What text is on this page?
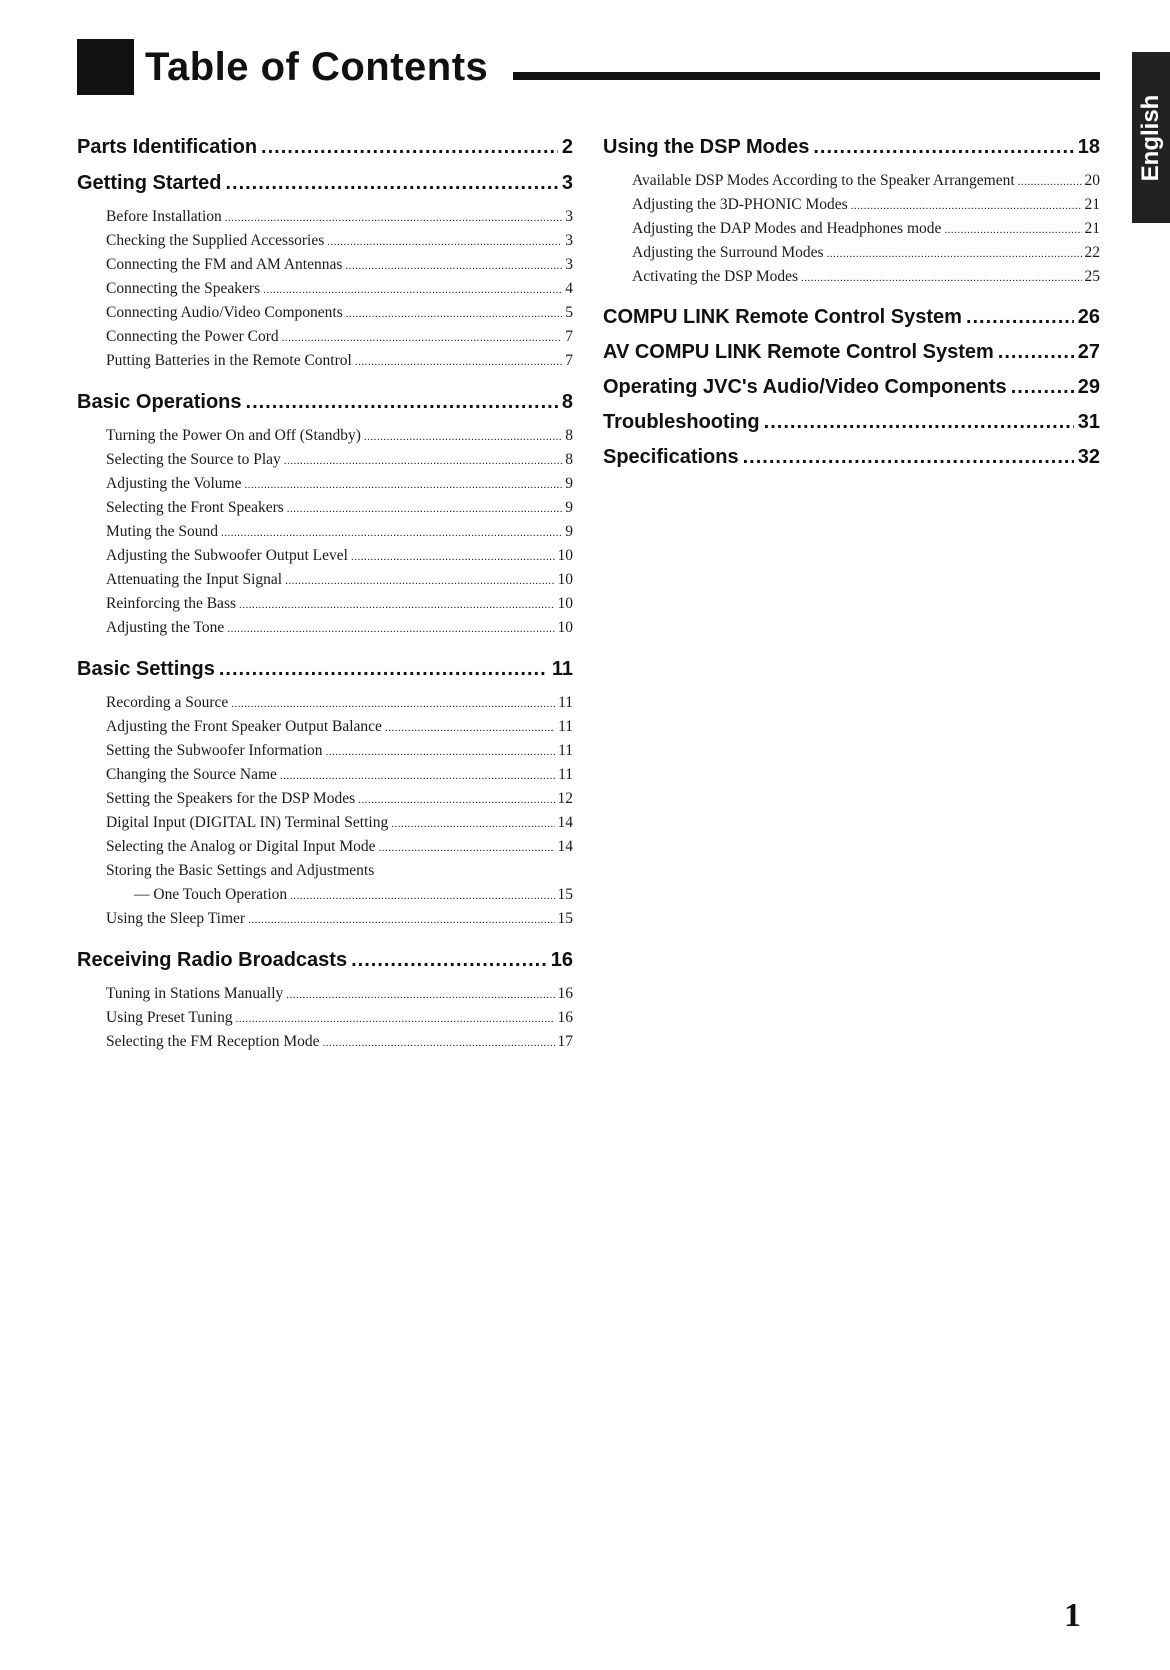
Table of Contents
English
Parts Identification .....	2
Getting Started .....	3
Before Installation .....	3
Checking the Supplied Accessories .....	3
Connecting the FM and AM Antennas .....	3
Connecting the Speakers .....	4
Connecting Audio/Video Components .....	5
Connecting the Power Cord .....	7
Putting Batteries in the Remote Control .....	7
Basic Operations .....	8
Turning the Power On and Off (Standby) .....	8
Selecting the Source to Play .....	8
Adjusting the Volume .....	9
Selecting the Front Speakers .....	9
Muting the Sound .....	9
Adjusting the Subwoofer Output Level .....	10
Attenuating the Input Signal .....	10
Reinforcing the Bass .....	10
Adjusting the Tone .....	10
Basic Settings .....	11
Recording a Source .....	11
Adjusting the Front Speaker Output Balance .....	11
Setting the Subwoofer Information .....	11
Changing the Source Name .....	11
Setting the Speakers for the DSP Modes .....	12
Digital Input (DIGITAL IN) Terminal Setting .....	14
Selecting the Analog or Digital Input Mode .....	14
Storing the Basic Settings and Adjustments
— One Touch Operation .....	15
Using the Sleep Timer .....	15
Receiving Radio Broadcasts .....	16
Tuning in Stations Manually .....	16
Using Preset Tuning .....	16
Selecting the FM Reception Mode .....	17
Using the DSP Modes .....	18
Available DSP Modes According to the Speaker Arrangement .....	20
Adjusting the 3D-PHONIC Modes .....	21
Adjusting the DAP Modes and Headphones mode .....	21
Adjusting the Surround Modes .....	22
Activating the DSP Modes .....	25
COMPU LINK Remote Control System .....	26
AV COMPU LINK Remote Control System .....	27
Operating JVC's Audio/Video Components .....	29
Troubleshooting .....	31
Specifications .....	32
1
